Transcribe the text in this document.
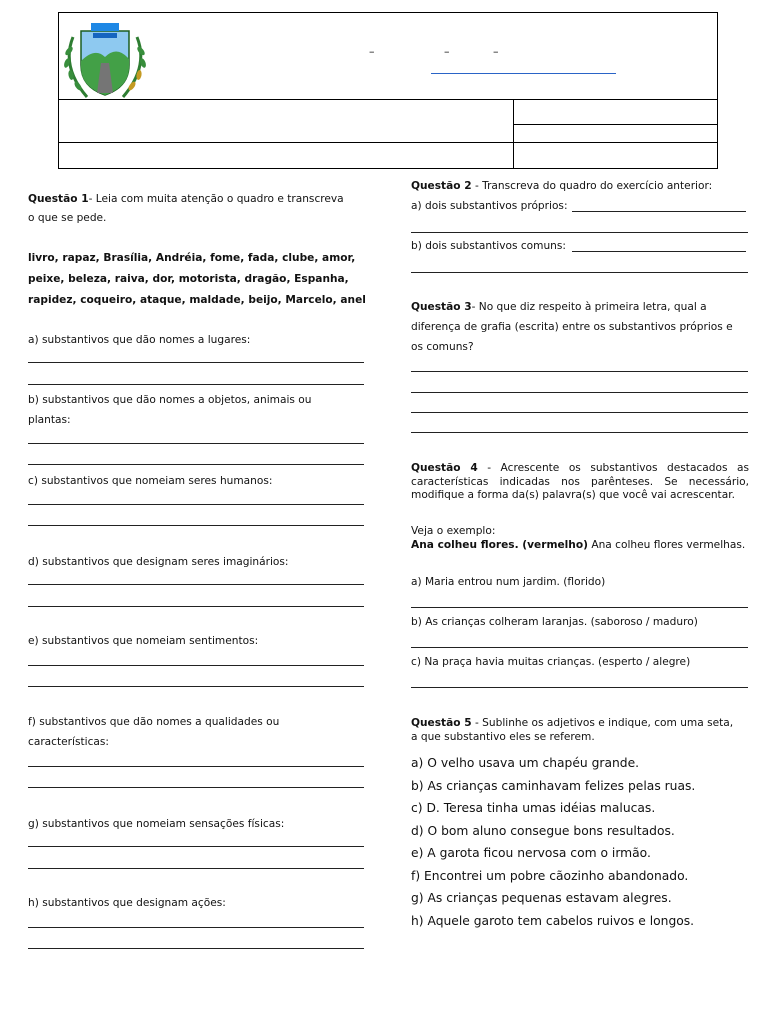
–	–	–
Questão 1- Leia com muita atenção o quadro e transcreva
o que se pede.
livro, rapaz, Brasília, Andréia, fome, fada, clube, amor,
peixe, beleza, raiva, dor, motorista, dragão, Espanha,
rapidez, coqueiro, ataque, maldade, beijo, Marcelo, anel
a) substantivos que dão nomes a lugares:
b) substantivos que dão nomes a objetos, animais ou
plantas:
c) substantivos que nomeiam seres humanos:
d) substantivos que designam seres imaginários:
e) substantivos que nomeiam sentimentos:
f) substantivos que dão nomes a qualidades ou
características:
g) substantivos que nomeiam sensações físicas:
h) substantivos que designam ações:
Questão 2 - Transcreva do quadro do exercício anterior:
a) dois substantivos próprios:
b) dois substantivos comuns:
Questão 3- No que diz respeito à primeira letra, qual a
diferença de grafia (escrita) entre os substantivos próprios e
os comuns?
Questão 4 - Acrescente os substantivos destacados as características indicadas nos parênteses. Se necessário, modifique a forma da(s) palavra(s) que você vai acrescentar.
Veja o exemplo:
Ana colheu flores. (vermelho) Ana colheu flores vermelhas.
a) Maria entrou num jardim. (florido)
b) As crianças colheram laranjas. (saboroso / maduro)
c) Na praça havia muitas crianças. (esperto / alegre)
Questão 5 - Sublinhe os adjetivos e indique, com uma seta,
a que substantivo eles se referem.
a) O velho usava um chapéu grande.
b) As crianças caminhavam felizes pelas ruas.
c) D. Teresa tinha umas idéias malucas.
d) O bom aluno consegue bons resultados.
e) A garota ficou nervosa com o irmão.
f) Encontrei um pobre cãozinho abandonado.
g) As crianças pequenas estavam alegres.
h) Aquele garoto tem cabelos ruivos e longos.
